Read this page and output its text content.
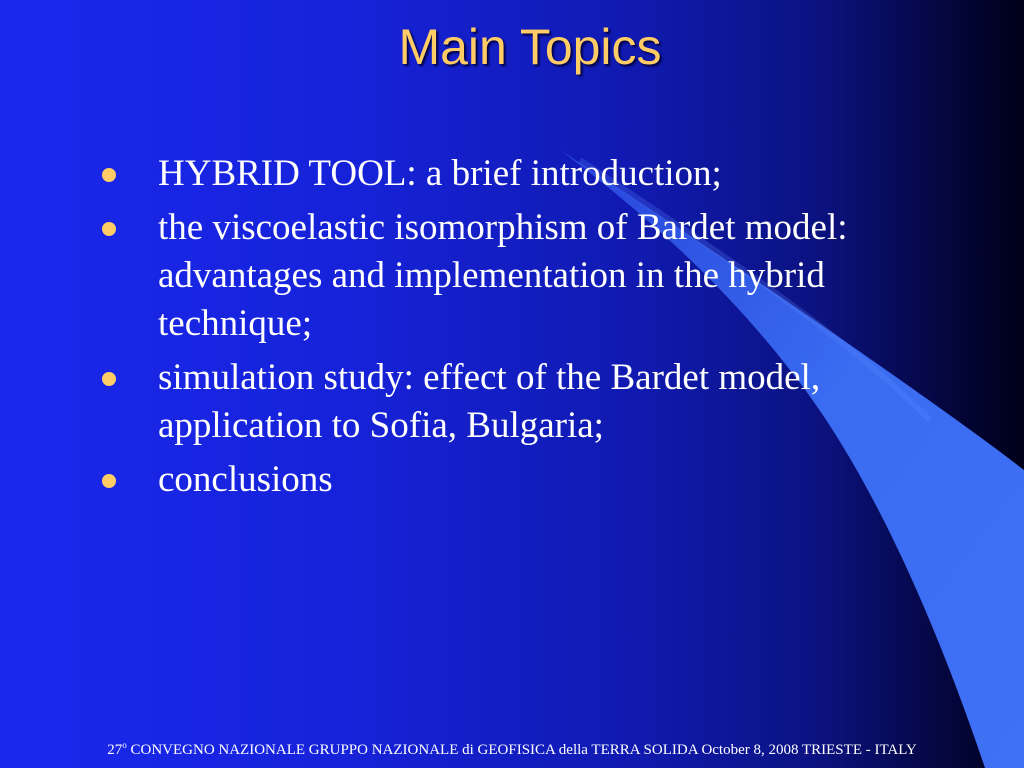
Main Topics
HYBRID TOOL: a brief introduction;
the viscoelastic isomorphism of Bardet model: advantages and implementation in the hybrid technique;
simulation study: effect of the Bardet model, application to Sofia, Bulgaria;
conclusions
27$^o$ CONVEGNO NAZIONALE GRUPPO NAZIONALE di GEOFISICA della TERRA SOLIDA October 8, 2008 TRIESTE - ITALY
